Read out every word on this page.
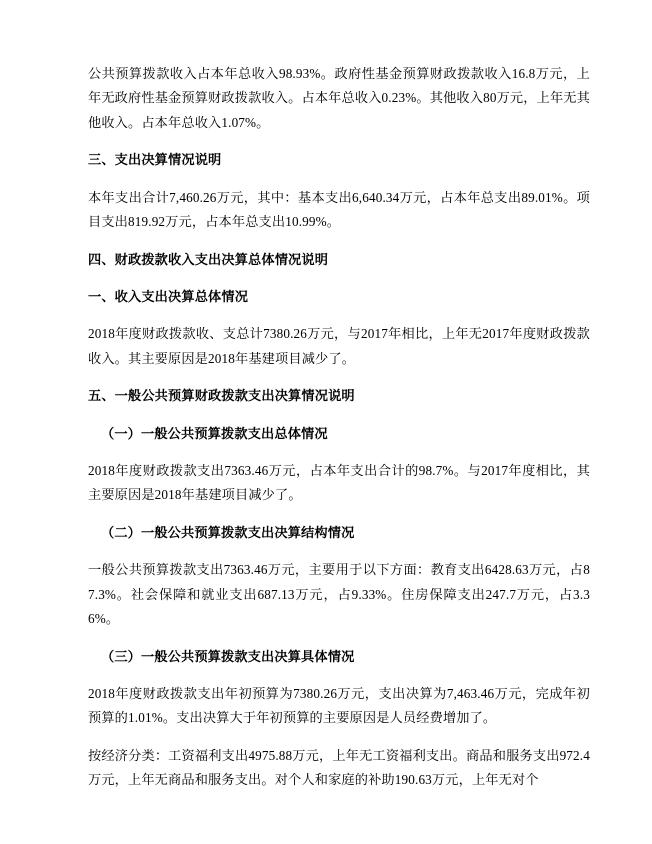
公共预算拨款收入占本年总收入98.93%。政府性基金预算财政拨款收入16.8万元，上年无政府性基金预算财政拨款收入。占本年总收入0.23%。其他收入80万元，上年无其他收入。占本年总收入1.07%。

三、支出决算情况说明

本年支出合计7,460.26万元，其中：基本支出6,640.34万元，占本年总支出89.01%。项目支出819.92万元，占本年总支出10.99%。

四、财政拨款收入支出决算总体情况说明

一、收入支出决算总体情况

2018年度财政拨款收、支总计7380.26万元，与2017年相比，上年无2017年度财政拨款收入。其主要原因是2018年基建项目减少了。

五、一般公共预算财政拨款支出决算情况说明

（一）一般公共预算拨款支出总体情况

2018年度财政拨款支出7363.46万元，占本年支出合计的98.7%。与2017年度相比，其主要原因是2018年基建项目减少了。

（二）一般公共预算拨款支出决算结构情况

一般公共预算拨款支出7363.46万元，主要用于以下方面：教育支出6428.63万元，占87.3%。社会保障和就业支出687.13万元，占9.33%。住房保障支出247.7万元，占3.36%。

（三）一般公共预算拨款支出决算具体情况

2018年度财政拨款支出年初预算为7380.26万元，支出决算为7,463.46万元，完成年初预算的1.01%。支出决算大于年初预算的主要原因是人员经费增加了。

按经济分类：工资福利支出4975.88万元，上年无工资福利支出。商品和服务支出972.4万元，上年无商品和服务支出。对个人和家庭的补助190.63万元，上年无对个
